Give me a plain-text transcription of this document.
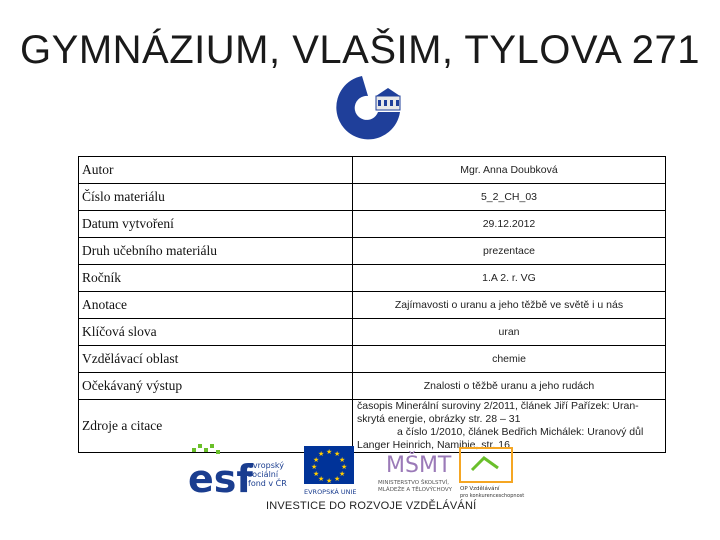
GYMNÁZIUM, VLAŠIM, TYLOVA 271
V
L
A
Š
I
M
Autor	Mgr. Anna Doubková
Číslo materiálu	5_2_CH_03
Datum vytvoření	29.12.2012
Druh učebního materiálu	prezentace
Ročník	1.A 2. r. VG
Anotace	Zajímavosti o uranu a jeho těžbě ve světě i u nás
Klíčová slova	uran
Vzdělávací oblast	chemie
Očekávaný výstup	Znalosti o těžbě uranu a jeho rudách
Zdroje a citace	časopis Minerální suroviny 2/2011, článek Jiří Pařízek: Uran-
skrytá energie, obrázky str. 28 – 31
a číslo 1/2010, článek Bedřich Michálek: Uranový důl
Langer Heinrich, Namibie, str. 16
esf
evropský
sociální
fond v ČR
★ ★
★
★
★
★
★
★
★
★
★
★
EVROPSKÁ UNIE
MŠMT
MINISTERSTVO ŠKOLSTVÍ,
MLÁDEŽE A TĚLOVÝCHOVY OP Vzdělávání
pro konkurenceschopnost
INVESTICE DO ROZVOJE VZDĚLÁVÁNÍ
